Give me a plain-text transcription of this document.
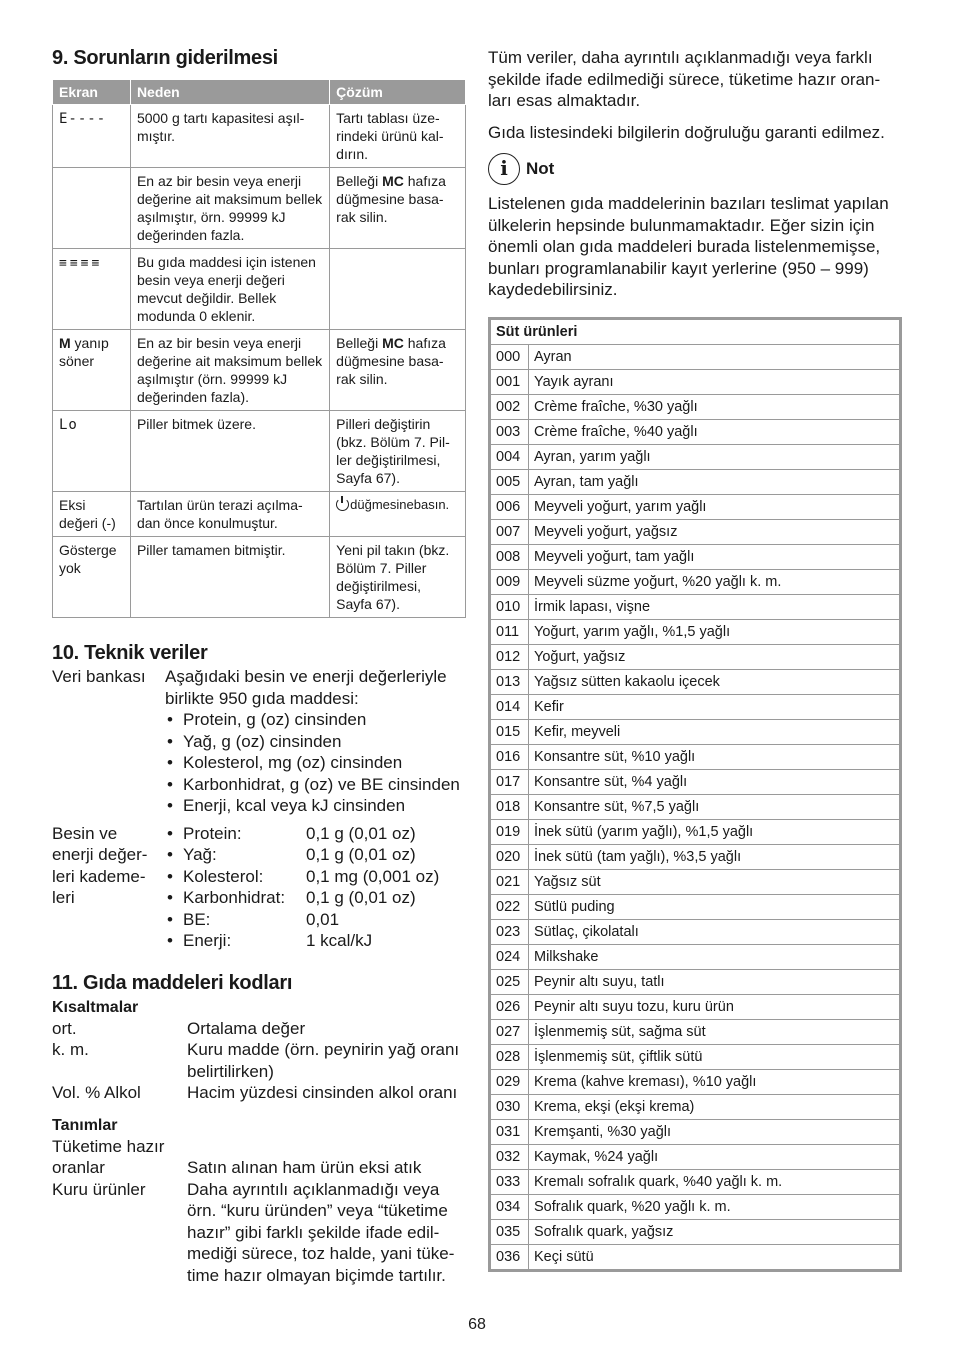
9. Sorunların giderilmesi
Ekran	Neden	Çözüm
E----	5000 g tartı kapasitesi aşıl-mıştır.	Tartı tablası üze-rindeki ürünü kal-dırın.
	En az bir besin veya enerji değerine ait maksimum bellek aşılmıştır, örn. 99999 kJ değerinden fazla.	Belleği MC hafıza düğmesine basa-rak silin.
≡≡≡≡	Bu gıda maddesi için istenen besin veya enerji değeri mevcut değildir. Bellek modunda 0 eklenir.	
M yanıp söner	En az bir besin veya enerji değerine ait maksimum bellek aşılmıştır (örn. 99999 kJ değerinden fazla).	Belleği MC hafıza düğmesine basa-rak silin.
Lo	Piller bitmek üzere.	Pilleri değiştirin (bkz. Bölüm 7. Pil-ler değiştirilmesi, Sayfa 67).
Eksi değeri (-)	Tartılan ürün terazi açılma-dan önce konulmuştur.	düğmesinebasın.
Gösterge yok	Piller tamamen bitmiştir.	Yeni pil takın (bkz. Bölüm 7. Piller değiştirilmesi, Sayfa 67).
10. Teknik veriler
Veri bankası	Aşağıdaki besin ve enerji değerleriyle birlikte 950 gıda maddesi:
• Protein, g (oz) cinsinden
• Yağ, g (oz) cinsinden
• Kolesterol, mg (oz) cinsinden
• Karbonhidrat, g (oz) ve BE cinsinden
• Enerji, kcal veya kJ cinsinden
Besin ve enerji değer-leri kademe-leri
• Protein:	0,1 g (0,01 oz)
• Yağ:	0,1 g (0,01 oz)
• Kolesterol:	0,1 mg (0,001 oz)
• Karbonhidrat:	0,1 g (0,01 oz)
• BE:	0,01
• Enerji:	1 kcal/kJ
11. Gıda maddeleri kodları
Kısaltmalar
ort.	Ortalama değer
k. m.	Kuru madde (örn. peynirin yağ oranı belirtilirken)
Vol. % Alkol	Hacim yüzdesi cinsinden alkol oranı
Tanımlar
Tüketime hazır oranlar	Satın alınan ham ürün eksi atık
Kuru ürünler	Daha ayrıntılı açıklanmadığı veya örn. “kuru üründen” veya “tüketime hazır” gibi farklı şekilde ifade edil-mediği sürece, toz halde, yani tüke-time hazır olmayan biçimde tartılır.

Tüm veriler, daha ayrıntılı açıklanmadığı veya farklı şekilde ifade edilmediği sürece, tüketime hazır oran-ları esas almaktadır.

Gıda listesindeki bilgilerin doğruluğu garanti edilmez.

i	Not

Listelenen gıda maddelerinin bazıları teslimat yapılan ülkelerin hepsinde bulunmamaktadır. Eğer sizin için önemli olan gıda maddeleri burada listelenmemişse, bunları programlanabilir kayıt yerlerine (950 – 999) kaydedebilirsiniz.

Süt ürünleri	
000	Ayran
001	Yayık ayranı
002	Crème fraîche, %30 yağlı
003	Crème fraîche, %40 yağlı
004	Ayran, yarım yağlı
005	Ayran, tam yağlı
006	Meyveli yoğurt, yarım yağlı
007	Meyveli yoğurt, yağsız
008	Meyveli yoğurt, tam yağlı
009	Meyveli süzme yoğurt, %20 yağlı k. m.
010	İrmik lapası, vişne
011	Yoğurt, yarım yağlı, %1,5 yağlı
012	Yoğurt, yağsız
013	Yağsız sütten kakaolu içecek
014	Kefir
015	Kefir, meyveli
016	Konsantre süt, %10 yağlı
017	Konsantre süt, %4 yağlı
018	Konsantre süt, %7,5 yağlı
019	İnek sütü (yarım yağlı), %1,5 yağlı
020	İnek sütü (tam yağlı), %3,5 yağlı
021	Yağsız süt
022	Sütlü puding
023	Sütlaç, çikolatalı
024	Milkshake
025	Peynir altı suyu, tatlı
026	Peynir altı suyu tozu, kuru ürün
027	İşlenmemiş süt, sağma süt
028	İşlenmemiş süt, çiftlik sütü
029	Krema (kahve kreması), %10 yağlı
030	Krema, ekşi (ekşi krema)
031	Kremşanti, %30 yağlı
032	Kaymak, %24 yağlı
033	Kremalı sofralık quark, %40 yağlı k. m.
034	Sofralık quark, %20 yağlı k. m.
035	Sofralık quark, yağsız
036	Keçi sütü
68
